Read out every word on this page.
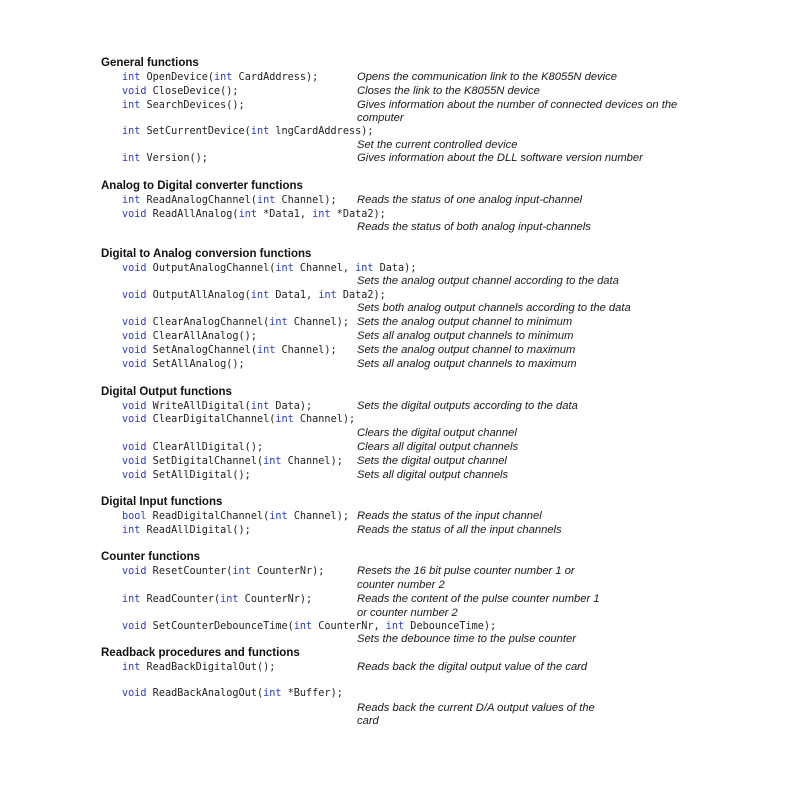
General functions
int OpenDevice(int CardAddress);	Opens the communication link to the K8055N device
void CloseDevice();	Closes the link to the K8055N device
int SearchDevices();	Gives information about the number of connected devices on the
computer
int SetCurrentDevice(int lngCardAddress);
Set the current controlled device
int Version();	Gives information about the DLL software version number
Analog to Digital converter functions
int ReadAnalogChannel(int Channel); Reads the status of one analog input-channel
void ReadAllAnalog(int *Data1, int *Data2);
Reads the status of both analog input-channels
Digital to Analog conversion functions
void OutputAnalogChannel(int Channel, int Data);
Sets the analog output channel according to the data
void OutputAllAnalog(int Data1, int Data2);
Sets both analog output channels according to the data
void ClearAnalogChannel(int Channel); Sets the analog output channel to minimum
void ClearAllAnalog();	Sets all analog output channels to minimum
void SetAnalogChannel(int Channel); Sets the analog output channel to maximum
void SetAllAnalog();	Sets all analog output channels to maximum
Digital Output functions
void WriteAllDigital(int Data);	Sets the digital outputs according to the data
void ClearDigitalChannel(int Channel);
Clears the digital output channel
void ClearAllDigital();	Clears all digital output channels
void SetDigitalChannel(int Channel); Sets the digital output channel
void SetAllDigital();	Sets all digital output channels
Digital Input functions
bool ReadDigitalChannel(int Channel); Reads the status of the input channel
int ReadAllDigital();	Reads the status of all the input channels
Counter functions
void ResetCounter(int CounterNr);	Resets the 16 bit pulse counter number 1 or
counter number 2
int ReadCounter(int CounterNr);	Reads the content of the pulse counter number 1
or counter number 2
void SetCounterDebounceTime(int CounterNr, int DebounceTime);
Sets the debounce time to the pulse counter
Readback procedures and functions
int ReadBackDigitalOut();	Reads back the digital output value of the card
void ReadBackAnalogOut(int *Buffer);
Reads back the current D/A output values of the
card
